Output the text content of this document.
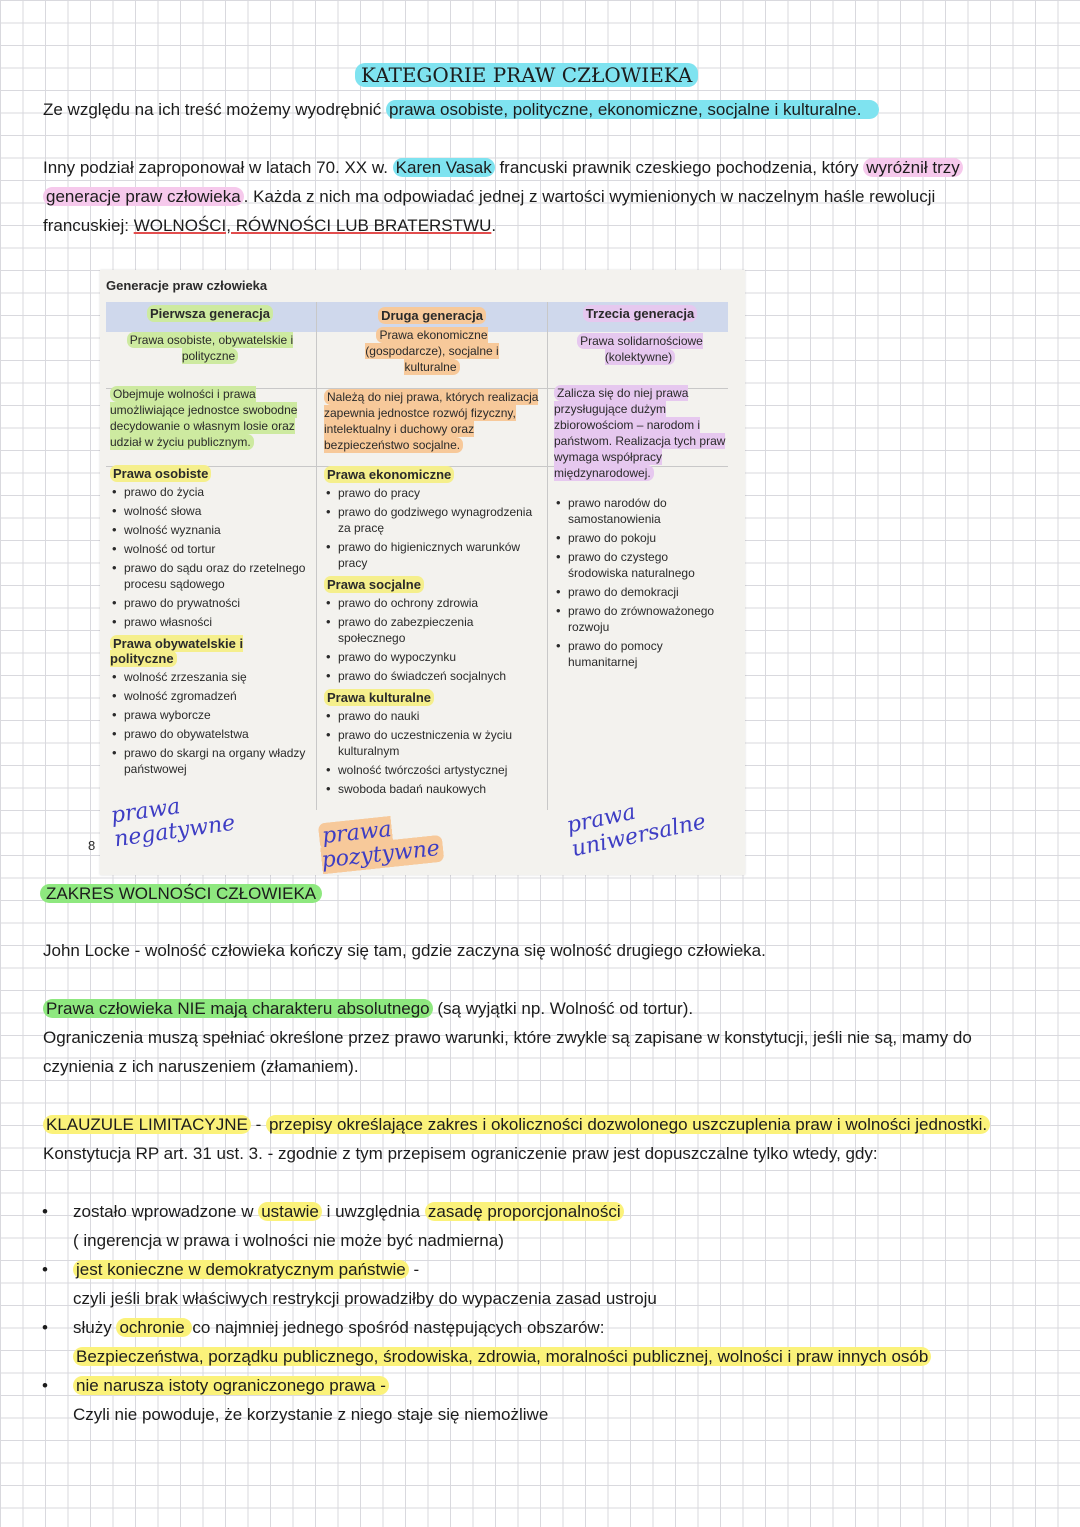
KATEGORIE PRAW CZŁOWIEKA
Ze względu na ich treść możemy wyodrębnić prawa osobiste, polityczne, ekonomiczne, socjalne i kulturalne.
Inny podział zaproponował w latach 70. XX w. Karen Vasak francuski prawnik czeskiego pochodzenia, który wyróżnił trzy
generacje praw człowieka . Każda z nich ma odpowiadać jednej z wartości wymienionych w naczelnym haśle rewolucji
francuskiej: WOLNOŚCI, RÓWNOŚCI LUB BRATERSTWU.
Generacje praw człowieka
Pierwsza generacja
Prawa osobiste, obywatelskie i polityczne
Obejmuje wolności i prawa umożliwiające jednostce swobodne decydowanie o własnym losie oraz udział w życiu publicznym.
Prawa osobiste
• prawo do życia
• wolność słowa
• wolność wyznania
• wolność od tortur
• prawo do sądu oraz do rzetelnego procesu sądowego
• prawo do prywatności
• prawo własności
Prawa obywatelskie i polityczne
• wolność zrzeszania się
• wolność zgromadzeń
• prawa wyborcze
• prawo do obywatelstwa
• prawo do skargi na organy władzy państwowej
prawa negatywne
8
Druga generacja
Prawa ekonomiczne (gospodarcze), socjalne i kulturalne
Należą do niej prawa, których realizacja zapewnia jednostce rozwój fizyczny, intelektualny i duchowy oraz bezpieczeństwo socjalne.
Prawa ekonomiczne
• prawo do pracy
• prawo do godziwego wynagrodzenia za pracę
• prawo do higienicznych warunków pracy
Prawa socjalne
• prawo do ochrony zdrowia
• prawo do zabezpieczenia społecznego
• prawo do wypoczynku
• prawo do świadczeń socjalnych
Prawa kulturalne
• prawo do nauki
• prawo do uczestniczenia w życiu kulturalnym
• wolność twórczości artystycznej
• swoboda badań naukowych
prawa pozytywne
Trzecia generacja
Prawa solidarnościowe (kolektywne)
Zalicza się do niej prawa przysługujące dużym zbiorowościom – narodom i państwom. Realizacja tych praw wymaga współpracy międzynarodowej.
• prawo narodów do samostanowienia
• prawo do pokoju
• prawo do czystego środowiska naturalnego
• prawo do demokracji
• prawo do zrównoważonego rozwoju
• prawo do pomocy humanitarnej
prawa uniwersalne
ZAKRES WOLNOŚCI CZŁOWIEKA
John Locke - wolność człowieka kończy się tam, gdzie zaczyna się wolność drugiego człowieka.
Prawa człowieka NIE mają charakteru absolutnego (są wyjątki np. Wolność od tortur).
Ograniczenia muszą spełniać określone przez prawo warunki, które zwykle są zapisane w konstytucji, jeśli nie są, mamy do
czynienia z ich naruszeniem (złamaniem).
KLAUZULE LIMITACYJNE - przepisy określające zakres i okoliczności dozwolonego uszczuplenia praw i wolności jednostki.
Konstytucja RP art. 31 ust. 3. - zgodnie z tym przepisem ograniczenie praw jest dopuszczalne tylko wtedy, gdy:
• zostało wprowadzone w ustawie i uwzględnia zasadę proporcjonalności
( ingerencja w prawa i wolności nie może być nadmierna)
• jest konieczne w demokratycznym państwie -
czyli jeśli brak właściwych restrykcji prowadziłby do wypaczenia zasad ustroju
• służy ochronie co najmniej jednego spośród następujących obszarów:
Bezpieczeństwa, porządku publicznego, środowiska, zdrowia, moralności publicznej, wolności i praw innych osób
• nie narusza istoty ograniczonego prawa -
Czyli nie powoduje, że korzystanie z niego staje się niemożliwe
